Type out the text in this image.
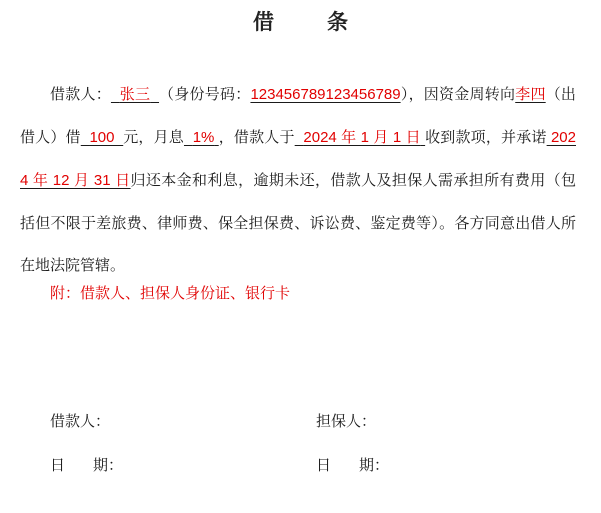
借　条
借款人： 张三 （身份号码：123456789123456789），因资金周转向李四（出借人）借 100 元，月息 1% ，借款人于 2024 年 1 月 1 日 收到款项，并承诺 2024 年 12 月 31 日归还本金和利息，逾期未还，借款人及担保人需承担所有费用（包括但不限于差旅费、律师费、保全担保费、诉讼费、鉴定费等）。各方同意出借人所在地法院管辖。
附：借款人、担保人身份证、银行卡
借款人：	担保人：
日 期：	日 期：
